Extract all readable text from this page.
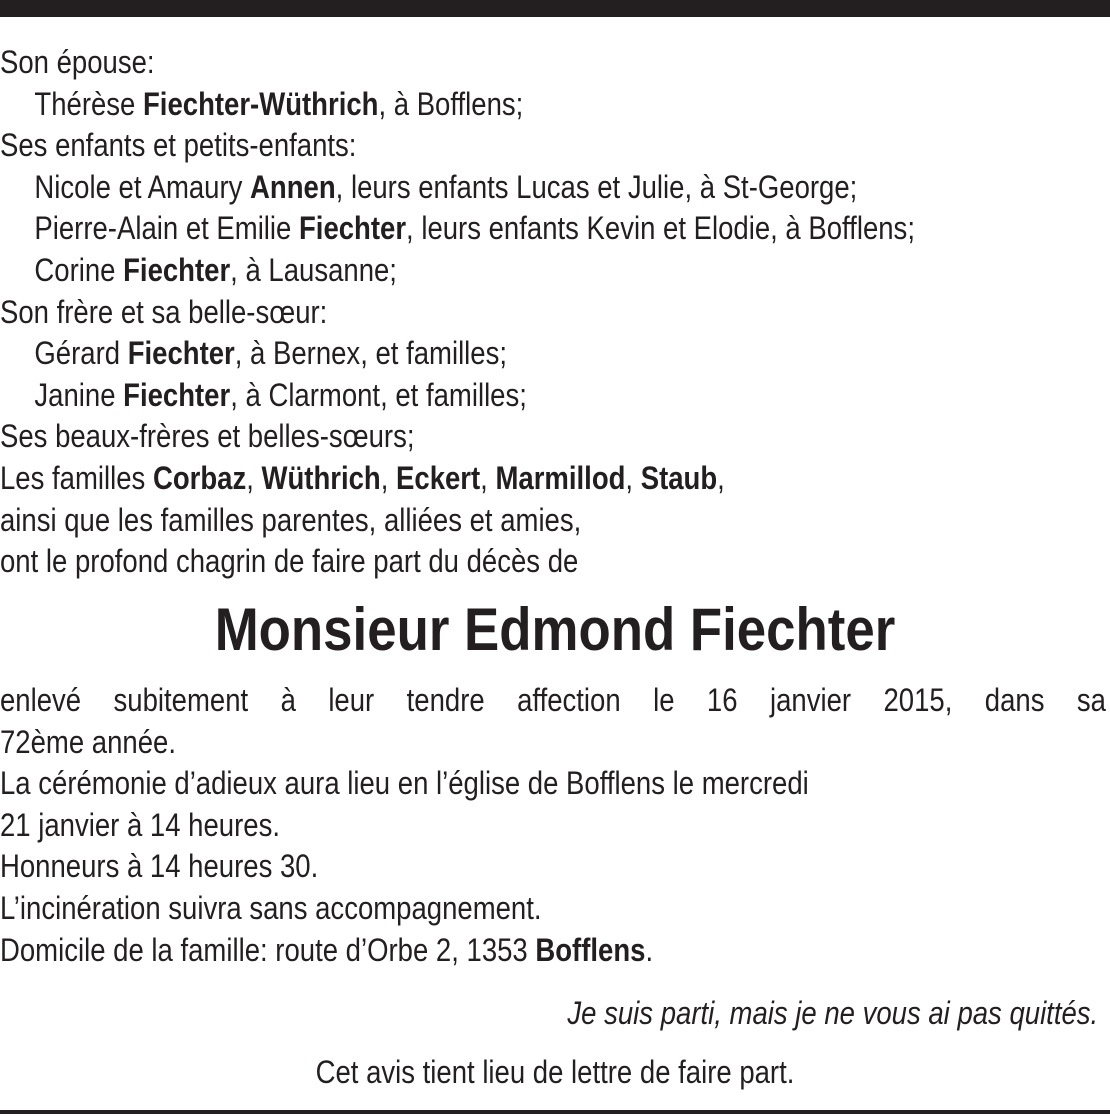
Son épouse:
Thérèse Fiechter-Wüthrich, à Bofflens;
Ses enfants et petits-enfants:
Nicole et Amaury Annen, leurs enfants Lucas et Julie, à St-George;
Pierre-Alain et Emilie Fiechter, leurs enfants Kevin et Elodie, à Bofflens;
Corine Fiechter, à Lausanne;
Son frère et sa belle-sœur:
Gérard Fiechter, à Bernex, et familles;
Janine Fiechter, à Clarmont, et familles;
Ses beaux-frères et belles-sœurs;
Les familles Corbaz, Wüthrich, Eckert, Marmillod, Staub,
ainsi que les familles parentes, alliées et amies,
ont le profond chagrin de faire part du décès de
Monsieur Edmond Fiechter
enlevé subitement à leur tendre affection le 16 janvier 2015, dans sa
72ème année.
La cérémonie d’adieux aura lieu en l’église de Bofflens le mercredi
21 janvier à 14 heures.
Honneurs à 14 heures 30.
L’incinération suivra sans accompagnement.
Domicile de la famille: route d’Orbe 2, 1353 Bofflens.
Je suis parti, mais je ne vous ai pas quittés.
Cet avis tient lieu de lettre de faire part.
